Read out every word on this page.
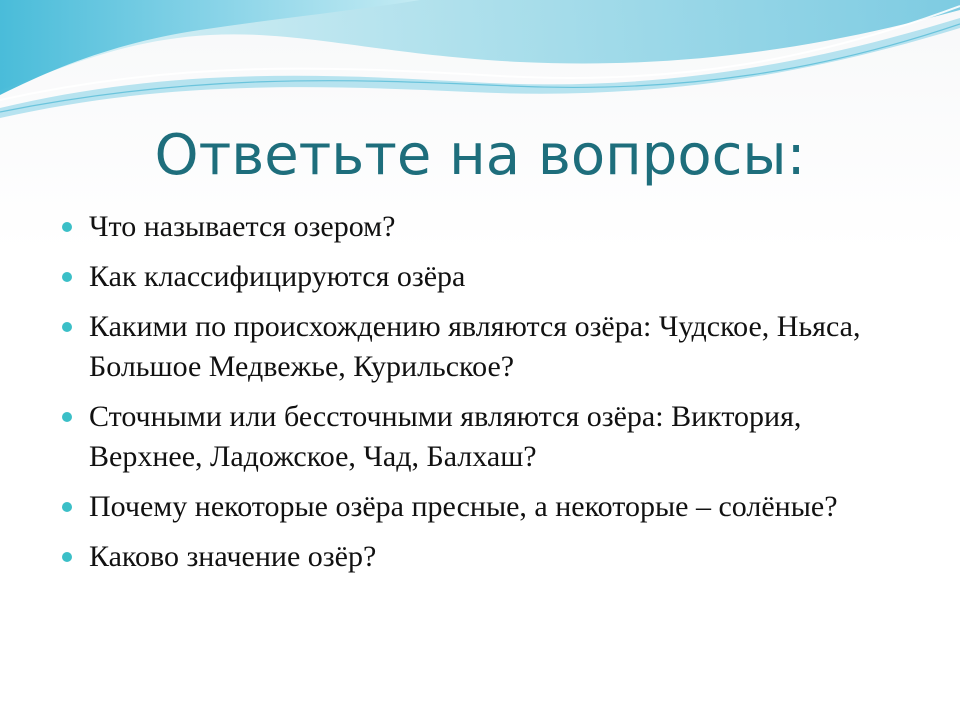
Ответьте на вопросы:
Что называется озером?
Как классифицируются озёра
Какими по происхождению являются озёра: Чудское, Ньяса, Большое Медвежье, Курильское?
Сточными или бессточными являются озёра: Виктория, Верхнее, Ладожское, Чад, Балхаш?
Почему некоторые озёра пресные, а некоторые – солёные?
Каково значение озёр?
